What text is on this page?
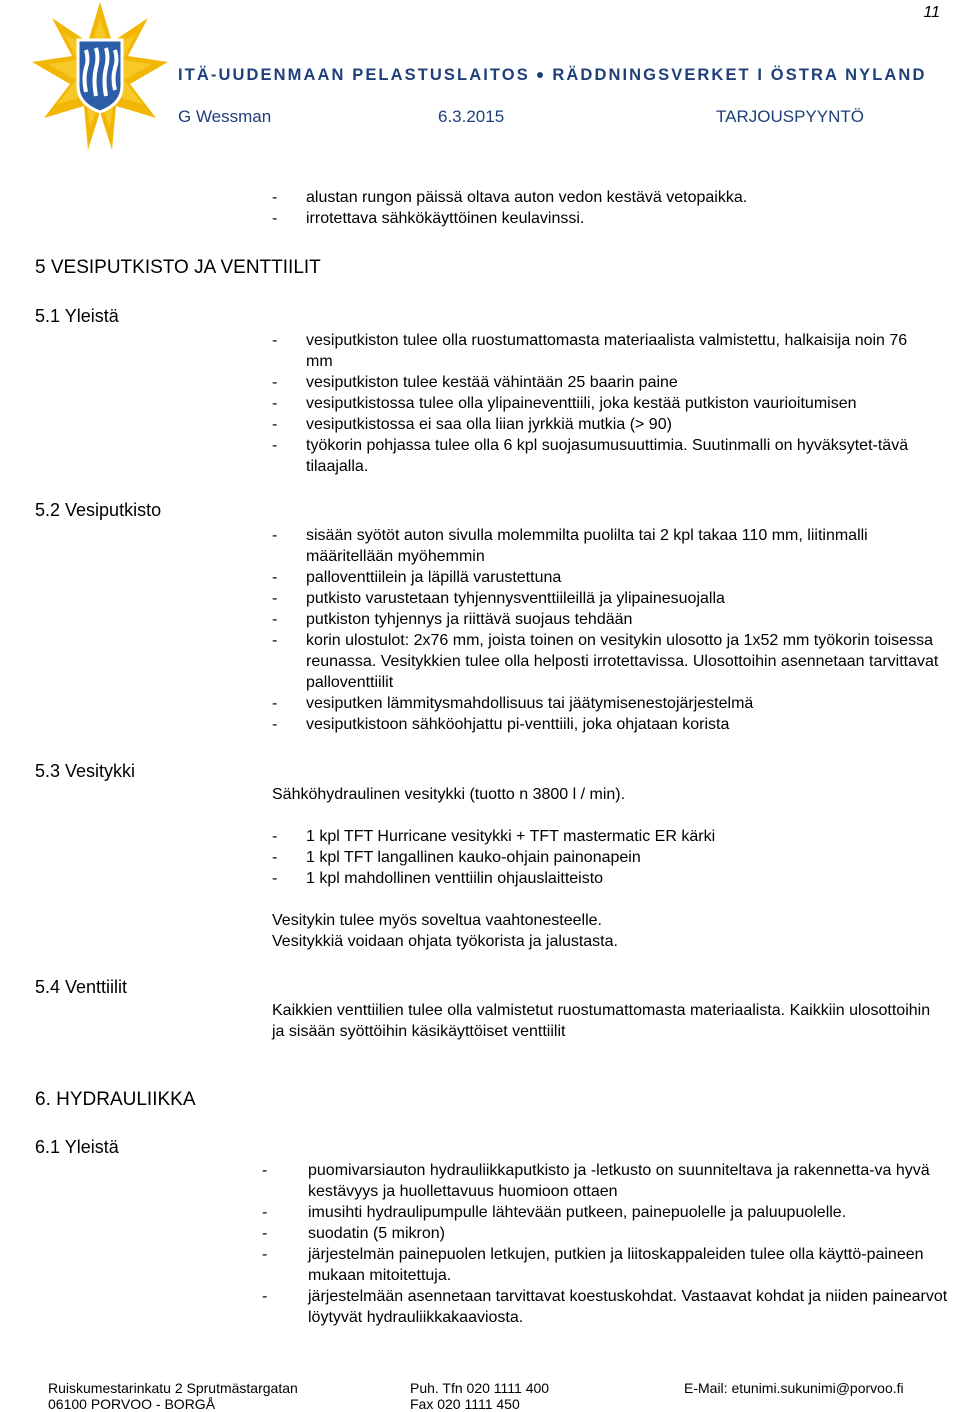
11
ITÄ-UUDENMAAN PELASTUSLAITOS ● RÄDDNINGSVERKET I ÖSTRA NYLAND
G Wessman	6.3.2015	TARJOUSPYYNTÖ
- alustan rungon päissä oltava auton vedon kestävä vetopaikka.
- irrotettava sähkökäyttöinen keulavinssi.
5 VESIPUTKISTO JA VENTTIILIT
5.1 Yleistä
- vesiputkiston tulee olla ruostumattomasta materiaalista valmistettu, halkaisija noin 76 mm
- vesiputkiston tulee kestää vähintään 25 baarin paine
- vesiputkistossa tulee olla ylipaineventtiili, joka kestää putkiston vaurioitumisen
- vesiputkistossa ei saa olla liian jyrkkiä mutkia (> 90)
- työkorin pohjassa tulee olla 6 kpl suojasumusuuttimia. Suutinmalli on hyväksytet-tävä tilaajalla.
5.2 Vesiputkisto
- sisään syötöt auton sivulla molemmilta puolilta tai 2 kpl takaa 110 mm, liitinmalli määritellään myöhemmin
- palloventtiilein ja läpillä varustettuna
- putkisto varustetaan tyhjennysventtiileillä ja ylipainesuojalla
- putkiston tyhjennys ja riittävä suojaus tehdään
- korin ulostulot: 2x76 mm, joista toinen on vesitykin ulosotto ja 1x52 mm työkorin toisessa reunassa. Vesitykkien tulee olla helposti irrotettavissa. Ulosottoihin asennetaan tarvittavat palloventtiilit
- vesiputken lämmitysmahdollisuus tai jäätymisenestojärjestelmä
- vesiputkistoon sähköohjattu pi-venttiili, joka ohjataan korista
5.3 Vesitykki
Sähköhydraulinen vesitykki (tuotto n 3800 l / min).
- 1 kpl TFT Hurricane vesitykki + TFT mastermatic ER kärki
- 1 kpl TFT langallinen kauko-ohjain painonapein
- 1 kpl mahdollinen venttiilin ohjauslaitteisto
Vesitykin tulee myös soveltua vaahtonesteelle.
Vesitykkiä voidaan ohjata työkorista ja jalustasta.
5.4 Venttiilit
Kaikkien venttiilien tulee olla valmistetut ruostumattomasta materiaalista. Kaikkiin ulosottoihin ja sisään syöttöihin käsikäyttöiset venttiilit
6. HYDRAULIIKKA
6.1 Yleistä
- puomivarsiauton hydrauliikkaputkisto ja -letkusto on suunniteltava ja rakennetta-va hyvä kestävyys ja huollettavuus huomioon ottaen
- imusihti hydraulipumpulle lähtevään putkeen, painepuolelle ja paluupuolelle.
- suodatin (5 mikron)
- järjestelmän painepuolen letkujen, putkien ja liitoskappaleiden tulee olla käyttö-paineen mukaan mitoitettuja.
- järjestelmään asennetaan tarvittavat koestuskohdat. Vastaavat kohdat ja niiden painearvot löytyvät hydrauliikkakaaviosta.
Ruiskumestarinkatu 2 Sprutmästargatan
06100 PORVOO - BORGÅ
Puh. Tfn 020 1111 400
Fax 020 1111 450
E-Mail: etunimi.sukunimi@porvoo.fi
